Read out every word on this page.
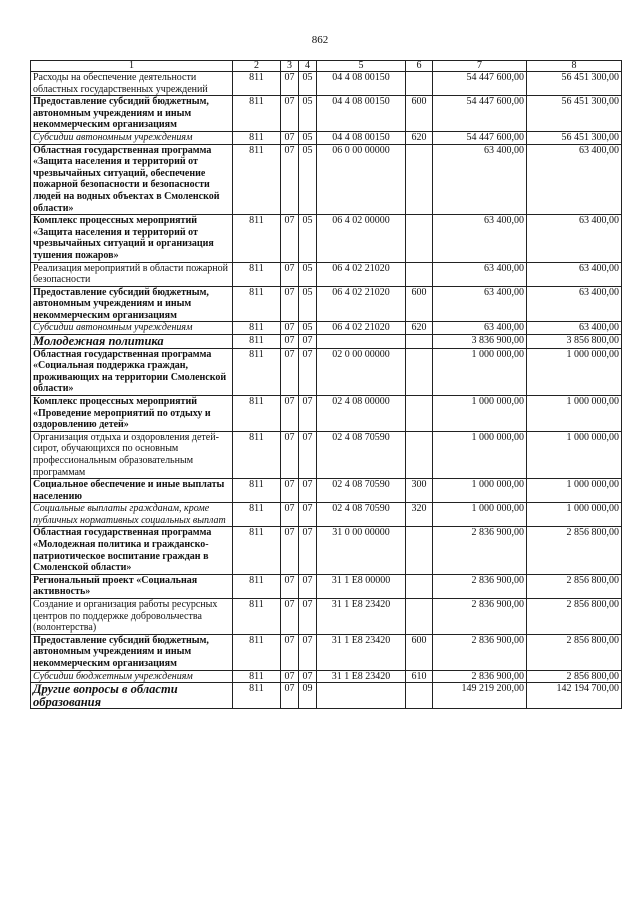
862
1	2	3	4	5	6	7	8
Расходы на обеспечение деятельности областных государственных учреждений	811	07	05	04 4 08 00150		54 447 600,00	56 451 300,00
Предоставление субсидий бюджетным, автономным учреждениям и иным некоммерческим организациям	811	07	05	04 4 08 00150	600	54 447 600,00	56 451 300,00
Субсидии автономным учреждениям	811	07	05	04 4 08 00150	620	54 447 600,00	56 451 300,00
Областная государственная программа «Защита населения и территорий от чрезвычайных ситуаций, обеспечение пожарной безопасности и безопасности людей на водных объектах в Смоленской области»	811	07	05	06 0 00 00000		63 400,00	63 400,00
Комплекс процессных мероприятий «Защита населения и территорий от чрезвычайных ситуаций и организация тушения пожаров»	811	07	05	06 4 02 00000		63 400,00	63 400,00
Реализация мероприятий в области пожарной безопасности	811	07	05	06 4 02 21020		63 400,00	63 400,00
Предоставление субсидий бюджетным, автономным учреждениям и иным некоммерческим организациям	811	07	05	06 4 02 21020	600	63 400,00	63 400,00
Субсидии автономным учреждениям	811	07	05	06 4 02 21020	620	63 400,00	63 400,00
Молодежная политика	811	07	07			3 836 900,00	3 856 800,00
Областная государственная программа «Социальная поддержка граждан, проживающих на территории Смоленской области»	811	07	07	02 0 00 00000		1 000 000,00	1 000 000,00
Комплекс процессных мероприятий «Проведение мероприятий по отдыху и оздоровлению детей»	811	07	07	02 4 08 00000		1 000 000,00	1 000 000,00
Организация отдыха и оздоровления детей-сирот, обучающихся по основным профессиональным образовательным программам	811	07	07	02 4 08 70590		1 000 000,00	1 000 000,00
Социальное обеспечение и иные выплаты населению	811	07	07	02 4 08 70590	300	1 000 000,00	1 000 000,00
Социальные выплаты гражданам, кроме публичных нормативных социальных выплат	811	07	07	02 4 08 70590	320	1 000 000,00	1 000 000,00
Областная государственная программа «Молодежная политика и гражданско-патриотическое воспитание граждан в Смоленской области»	811	07	07	31 0 00 00000		2 836 900,00	2 856 800,00
Региональный проект «Социальная активность»	811	07	07	31 1 E8 00000		2 836 900,00	2 856 800,00
Создание и организация работы ресурсных центров по поддержке добровольчества (волонтерства)	811	07	07	31 1 E8 23420		2 836 900,00	2 856 800,00
Предоставление субсидий бюджетным, автономным учреждениям и иным некоммерческим организациям	811	07	07	31 1 E8 23420	600	2 836 900,00	2 856 800,00
Субсидии бюджетным учреждениям	811	07	07	31 1 E8 23420	610	2 836 900,00	2 856 800,00
Другие вопросы в области образования	811	07	09			149 219 200,00	142 194 700,00
